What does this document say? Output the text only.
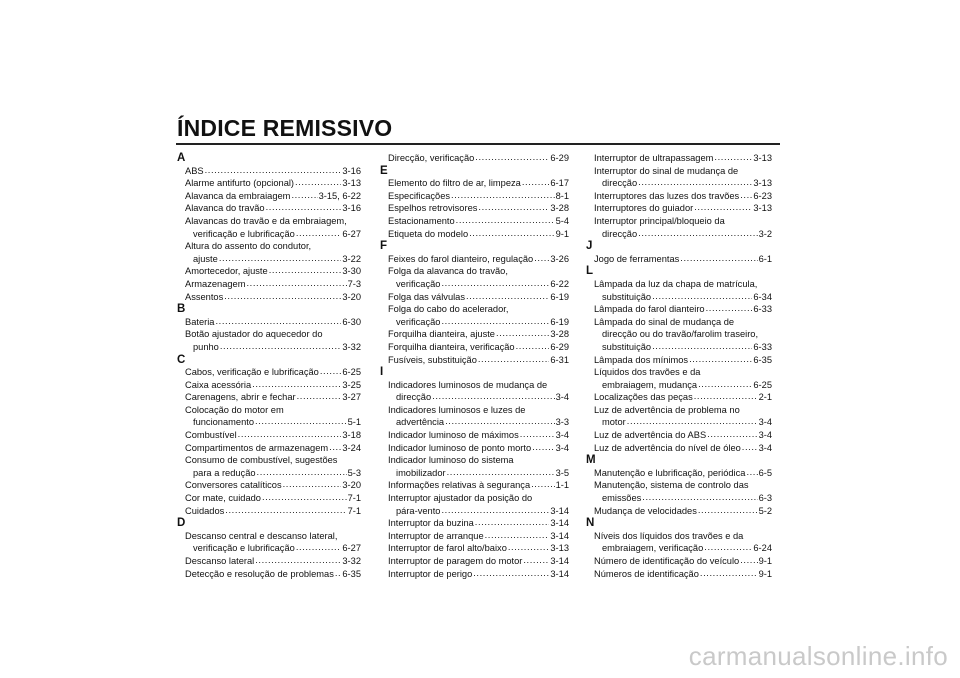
ÍNDICE REMISSIVO
A
ABS .....	3-16
Alarme antifurto (opcional) .....	3-13
Alavanca da embraiagem .....	3-15, 6-22
Alavanca do travão .....	3-16
Alavancas do travão e da embraiagem,
verificação e lubrificação .....	6-27
Altura do assento do condutor,
ajuste .....	3-22
Amortecedor, ajuste .....	3-30
Armazenagem .....	7-3
Assentos .....	3-20
B
Bateria .....	6-30
Botão ajustador do aquecedor do
punho .....	3-32
C
Cabos, verificação e lubrificação .....	6-25
Caixa acessória .....	3-25
Carenagens, abrir e fechar .....	3-27
Colocação do motor em
funcionamento .....	5-1
Combustível .....	3-18
Compartimentos de armazenagem ..... 3-24
Consumo de combustível, sugestões
para a redução .....	5-3
Conversores catalíticos .....	3-20
Cor mate, cuidado .....	7-1
Cuidados .....	7-1
D
Descanso central e descanso lateral,
verificação e lubrificação .....	6-27
Descanso lateral .....	3-32
Detecção e resolução de problemas ..... 6-35
Direcção, verificação .....	6-29
E
Elemento do filtro de ar, limpeza .....	6-17
Especificações .....	8-1
Espelhos retrovisores .....	3-28
Estacionamento .....	5-4
Etiqueta do modelo .....	9-1
F
Feixes do farol dianteiro, regulação ..... 3-26
Folga da alavanca do travão,
verificação .....	6-22
Folga das válvulas .....	6-19
Folga do cabo do acelerador,
verificação .....	6-19
Forquilha dianteira, ajuste .....	3-28
Forquilha dianteira, verificação .....	6-29
Fusíveis, substituição .....	6-31
I
Indicadores luminosos de mudança de
direcção .....	3-4
Indicadores luminosos e luzes de
advertência .....	3-3
Indicador luminoso de máximos .....	3-4
Indicador luminoso de ponto morto .....	3-4
Indicador luminoso do sistema
imobilizador .....	3-5
Informações relativas à segurança .....	1-1
Interruptor ajustador da posição do
pára-vento .....	3-14
Interruptor da buzina .....	3-14
Interruptor de arranque .....	3-14
Interruptor de farol alto/baixo .....	3-13
Interruptor de paragem do motor .....	3-14
Interruptor de perigo .....	3-14
Interruptor de ultrapassagem .....	3-13
Interruptor do sinal de mudança de
direcção .....	3-13
Interruptores das luzes dos travões ..... 6-23
Interruptores do guiador .....	3-13
Interruptor principal/bloqueio da
direcção .....	3-2
J
Jogo de ferramentas .....	6-1
L
Lâmpada da luz da chapa de matrícula,
substituição .....	6-34
Lâmpada do farol dianteiro .....	6-33
Lâmpada do sinal de mudança de
direcção ou do travão/farolim traseiro,
substituição .....	6-33
Lâmpada dos mínimos .....	6-35
Líquidos dos travões e da
embraiagem, mudança .....	6-25
Localizações das peças .....	2-1
Luz de advertência de problema no
motor .....	3-4
Luz de advertência do ABS .....	3-4
Luz de advertência do nível de óleo ..... 3-4
M
Manutenção e lubrificação, periódica ..... 6-5
Manutenção, sistema de controlo das
emissões .....	6-3
Mudança de velocidades .....	5-2
N
Níveis dos líquidos dos travões e da
embraiagem, verificação .....	6-24
Número de identificação do veículo ..... 9-1
Números de identificação .....	9-1
carmanualsonline.info
